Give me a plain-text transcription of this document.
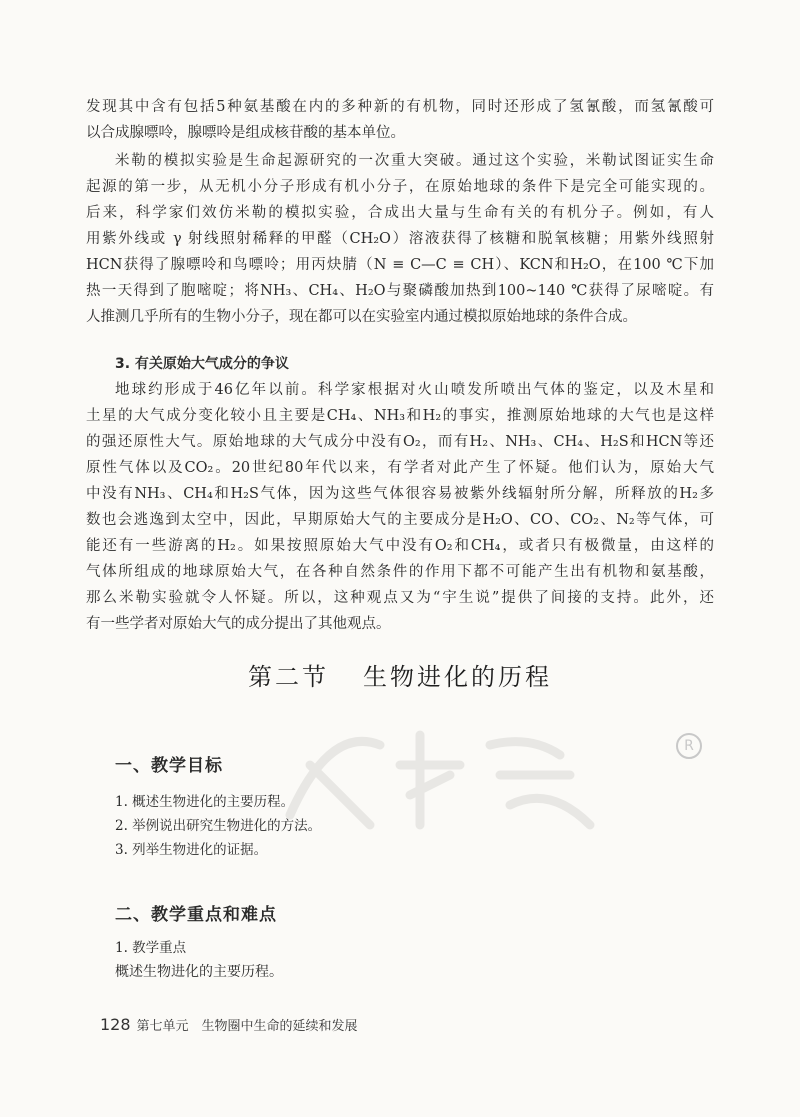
发现其中含有包括5种氨基酸在内的多种新的有机物，同时还形成了氢氰酸，而氢氰酸可
以合成腺嘌呤，腺嘌呤是组成核苷酸的基本单位。
米勒的模拟实验是生命起源研究的一次重大突破。通过这个实验，米勒试图证实生命
起源的第一步，从无机小分子形成有机小分子，在原始地球的条件下是完全可能实现的。
后来，科学家们效仿米勒的模拟实验，合成出大量与生命有关的有机分子。例如，有人
用紫外线或 γ 射线照射稀释的甲醛（CH₂O）溶液获得了核糖和脱氧核糖；用紫外线照射
HCN获得了腺嘌呤和鸟嘌呤；用丙炔腈（N ≡ C—C ≡ CH）、KCN和H₂O，在100 ℃下加
热一天得到了胞嘧啶；将NH₃、CH₄、H₂O与聚磷酸加热到100~140 ℃获得了尿嘧啶。有
人推测几乎所有的生物小分子，现在都可以在实验室内通过模拟原始地球的条件合成。
3. 有关原始大气成分的争议
地球约形成于46亿年以前。科学家根据对火山喷发所喷出气体的鉴定，以及木星和
土星的大气成分变化较小且主要是CH₄、NH₃和H₂的事实，推测原始地球的大气也是这样
的强还原性大气。原始地球的大气成分中没有O₂，而有H₂、NH₃、CH₄、H₂S和HCN等还
原性气体以及CO₂。20世纪80年代以来，有学者对此产生了怀疑。他们认为，原始大气
中没有NH₃、CH₄和H₂S气体，因为这些气体很容易被紫外线辐射所分解，所释放的H₂多
数也会逃逸到太空中，因此，早期原始大气的主要成分是H₂O、CO、CO₂、N₂等气体，可
能还有一些游离的H₂。如果按照原始大气中没有O₂和CH₄，或者只有极微量，由这样的
气体所组成的地球原始大气，在各种自然条件的作用下都不可能产生出有机物和氨基酸，
那么米勒实验就令人怀疑。所以，这种观点又为“宇生说”提供了间接的支持。此外，还
有一些学者对原始大气的成分提出了其他观点。
第二节 生物进化的历程
R
一、教学目标
1. 概述生物进化的主要历程。
2. 举例说出研究生物进化的方法。
3. 列举生物进化的证据。
二、教学重点和难点
1. 教学重点
概述生物进化的主要历程。
128 第七单元　生物圈中生命的延续和发展
